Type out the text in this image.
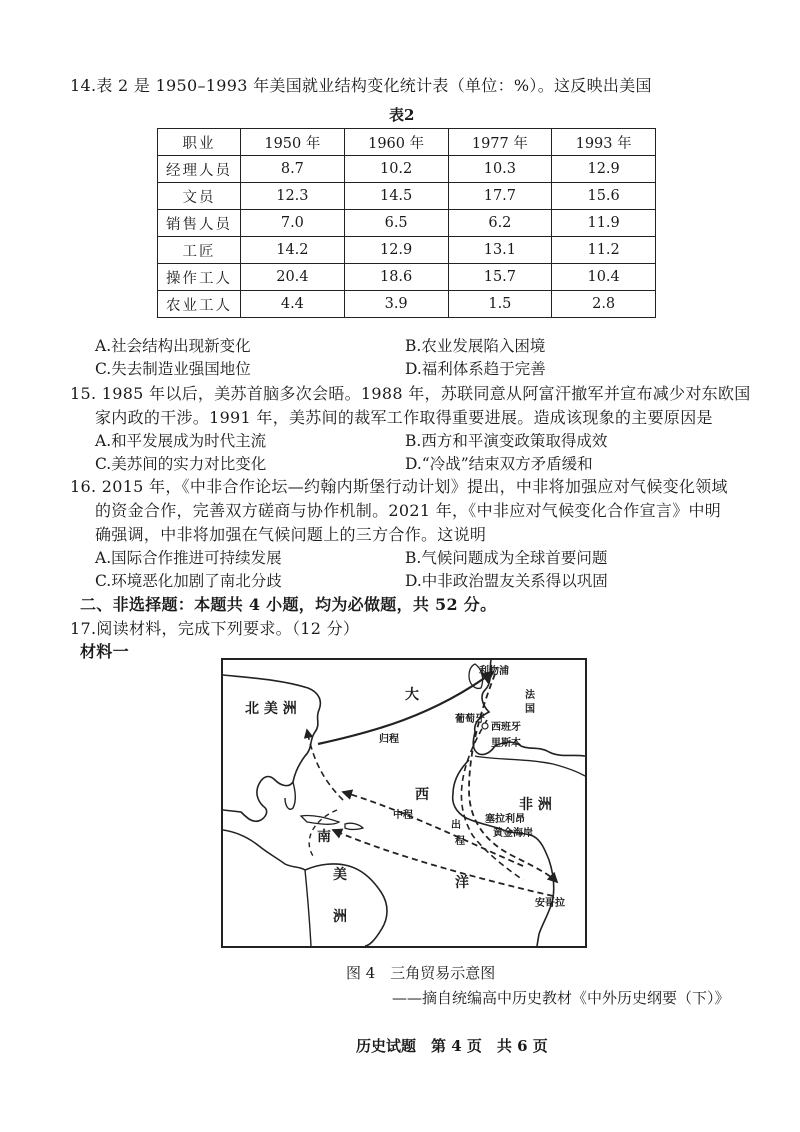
14.表 2 是 1950–1993 年美国就业结构变化统计表（单位：%）。这反映出美国
表2
职业	1950 年	1960 年	1977 年	1993 年
经理人员	8.7	10.2	10.3	12.9
文员	12.3	14.5	17.7	15.6
销售人员	7.0	6.5	6.2	11.9
工匠	14.2	12.9	13.1	11.2
操作工人	20.4	18.6	15.7	10.4
农业工人	4.4	3.9	1.5	2.8
A.社会结构出现新变化	B.农业发展陷入困境
C.失去制造业强国地位	D.福利体系趋于完善
15. 1985 年以后，美苏首脑多次会晤。1988 年，苏联同意从阿富汗撤军并宣布减少对东欧国
家内政的干涉。1991 年，美苏间的裁军工作取得重要进展。造成该现象的主要原因是
A.和平发展成为时代主流	B.西方和平演变政策取得成效
C.美苏间的实力对比变化	D.“冷战”结束双方矛盾缓和
16. 2015 年，《中非合作论坛—约翰内斯堡行动计划》提出，中非将加强应对气候变化领域
的资金合作，完善双方磋商与协作机制。2021 年，《中非应对气候变化合作宣言》中明
确强调，中非将加强在气候问题上的三方合作。这说明
A.国际合作推进可持续发展	B.气候问题成为全球首要问题
C.环境恶化加剧了南北分歧	D.中非政治盟友关系得以巩固
二、非选择题：本题共 4 小题，均为必做题，共 52 分。
17.阅读材料，完成下列要求。（12 分）
材料一
北 美 洲
大
西
洋
南
美
洲
非 洲
利物浦
法
国
葡萄牙
西班牙
里斯本
塞拉利昂
黄金海岸
安哥拉
归程
中程
出
程
图 4　三角贸易示意图
——摘自统编高中历史教材《中外历史纲要（下）》
历史试题　第 4 页　共 6 页
